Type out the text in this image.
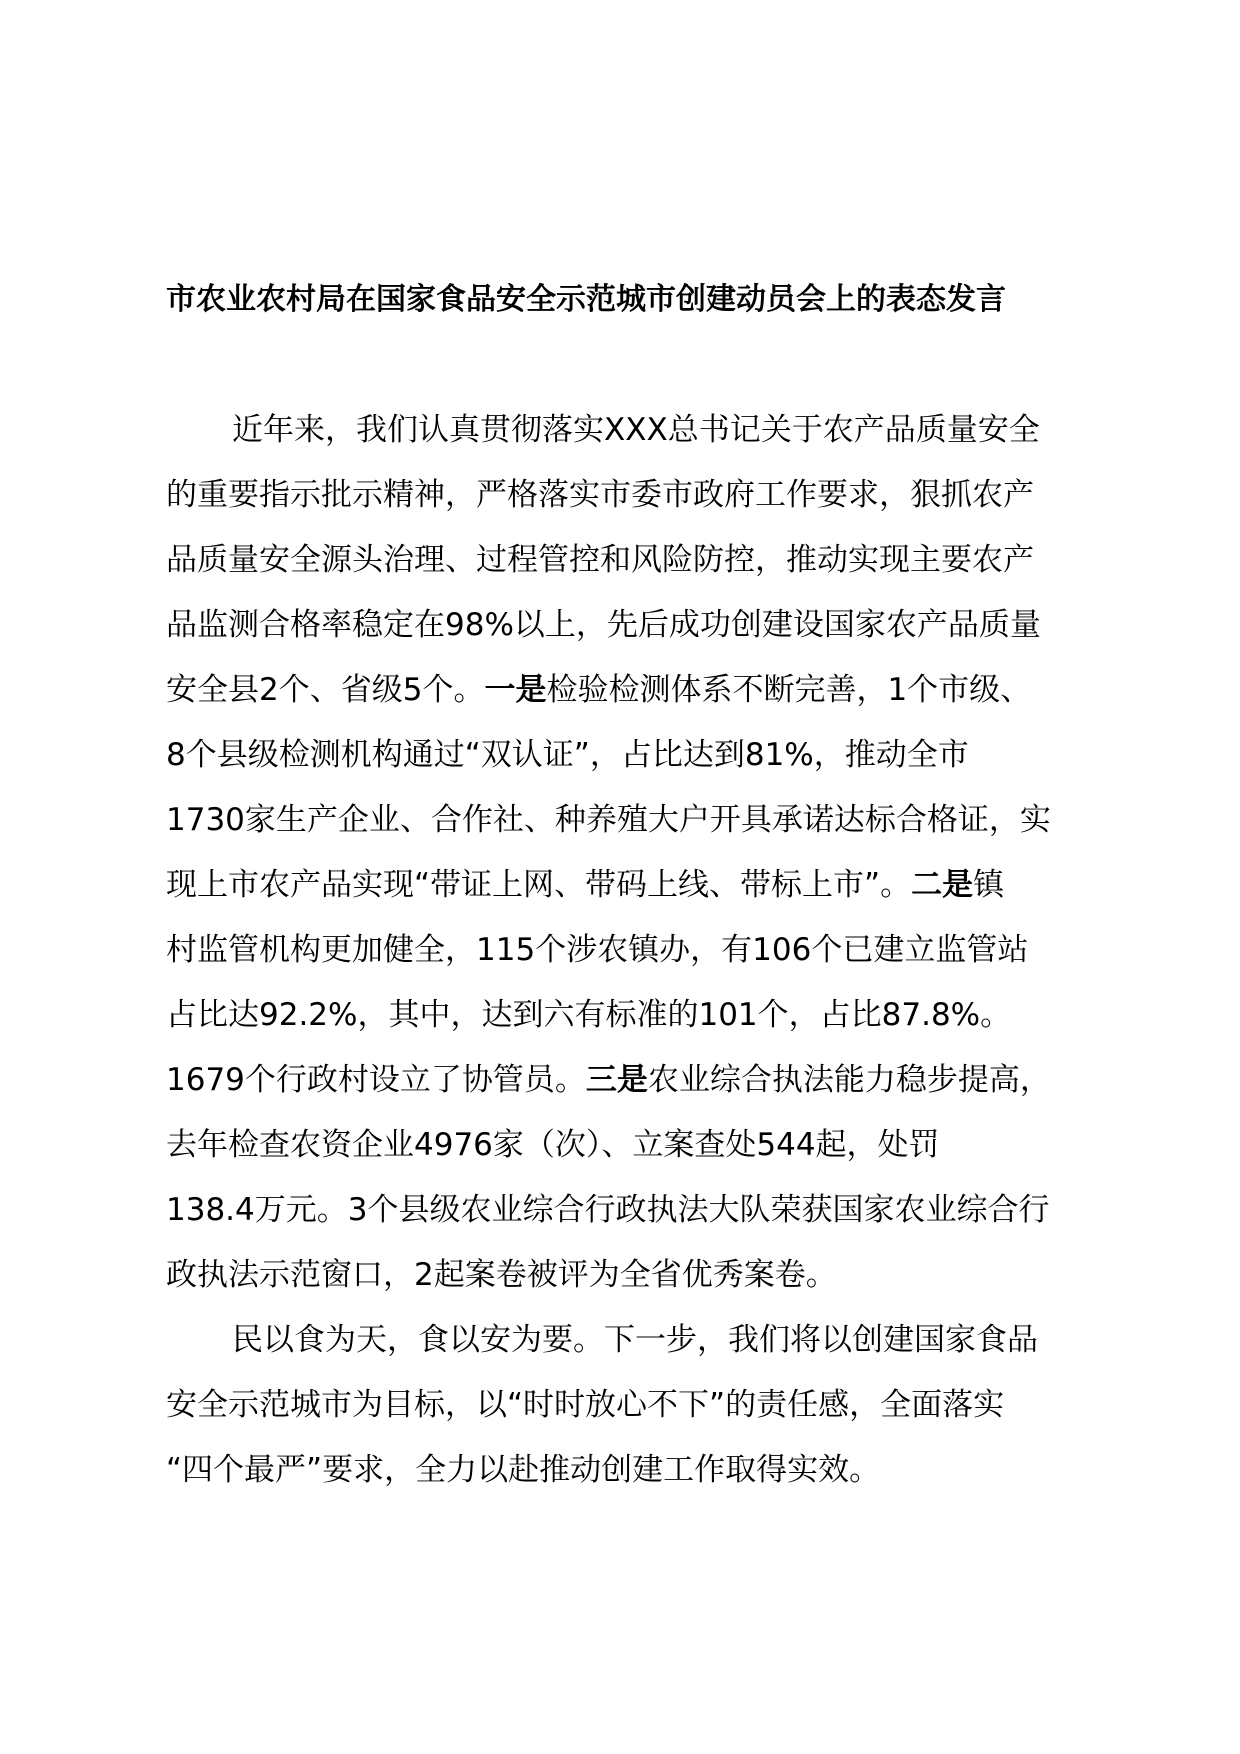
市农业农村局在国家食品安全示范城市创建动员会上的表态发言
近年来，我们认真贯彻落实XXX总书记关于农产品质量安全
的重要指示批示精神，严格落实市委市政府工作要求，狠抓农产
品质量安全源头治理、过程管控和风险防控，推动实现主要农产
品监测合格率稳定在98%以上，先后成功创建设国家农产品质量
安全县2个、省级5个。一是检验检测体系不断完善，1个市级、
8个县级检测机构通过“双认证”，占比达到81%，推动全市
1730家生产企业、合作社、种养殖大户开具承诺达标合格证，实
现上市农产品实现“带证上网、带码上线、带标上市”。二是镇
村监管机构更加健全，115个涉农镇办，有106个已建立监管站
占比达92.2%，其中，达到六有标准的101个，占比87.8%。
1679个行政村设立了协管员。三是农业综合执法能力稳步提高，
去年检查农资企业4976家（次）、立案查处544起，处罚
138.4万元。3个县级农业综合行政执法大队荣获国家农业综合行
政执法示范窗口，2起案卷被评为全省优秀案卷。
民以食为天，食以安为要。下一步，我们将以创建国家食品
安全示范城市为目标，以“时时放心不下”的责任感，全面落实
“四个最严”要求，全力以赴推动创建工作取得实效。
